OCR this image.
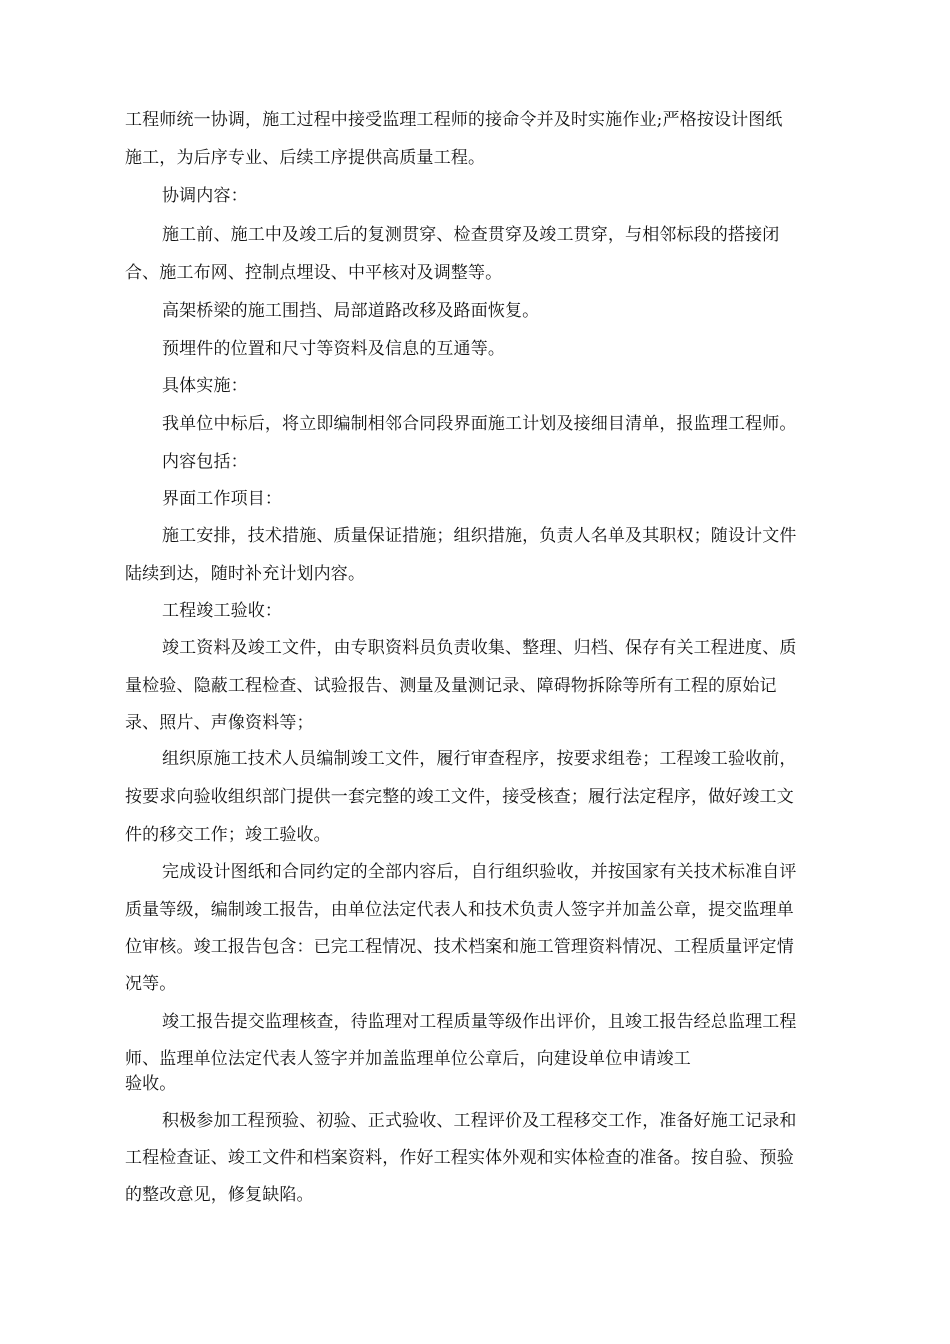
工程师统一协调，施工过程中接受监理工程师的接命令并及时实施作业;严格按设计图纸
施工，为后序专业、后续工序提供高质量工程。
协调内容：
施工前、施工中及竣工后的复测贯穿、检查贯穿及竣工贯穿，与相邻标段的搭接闭
合、施工布网、控制点埋设、中平核对及调整等。
高架桥梁的施工围挡、局部道路改移及路面恢复。
预埋件的位置和尺寸等资料及信息的互通等。
具体实施：
我单位中标后，将立即编制相邻合同段界面施工计划及接细目清单，报监理工程师。
内容包括：
界面工作项目：
施工安排，技术措施、质量保证措施；组织措施，负责人名单及其职权；随设计文件
陆续到达，随时补充计划内容。
工程竣工验收：
竣工资料及竣工文件，由专职资料员负责收集、整理、归档、保存有关工程进度、质
量检验、隐蔽工程检查、试验报告、测量及量测记录、障碍物拆除等所有工程的原始记
录、照片、声像资料等；
组织原施工技术人员编制竣工文件，履行审查程序，按要求组卷；工程竣工验收前，
按要求向验收组织部门提供一套完整的竣工文件，接受核查；履行法定程序，做好竣工文
件的移交工作；竣工验收。
完成设计图纸和合同约定的全部内容后，自行组织验收，并按国家有关技术标准自评
质量等级，编制竣工报告，由单位法定代表人和技术负责人签字并加盖公章，提交监理单
位审核。竣工报告包含：已完工程情况、技术档案和施工管理资料情况、工程质量评定情
况等。
竣工报告提交监理核查，待监理对工程质量等级作出评价，且竣工报告经总监理工程
师、监理单位法定代表人签字并加盖监理单位公章后，向建设单位申请竣工
验收。
积极参加工程预验、初验、正式验收、工程评价及工程移交工作，准备好施工记录和
工程检查证、竣工文件和档案资料，作好工程实体外观和实体检查的准备。按自验、预验
的整改意见，修复缺陷。
